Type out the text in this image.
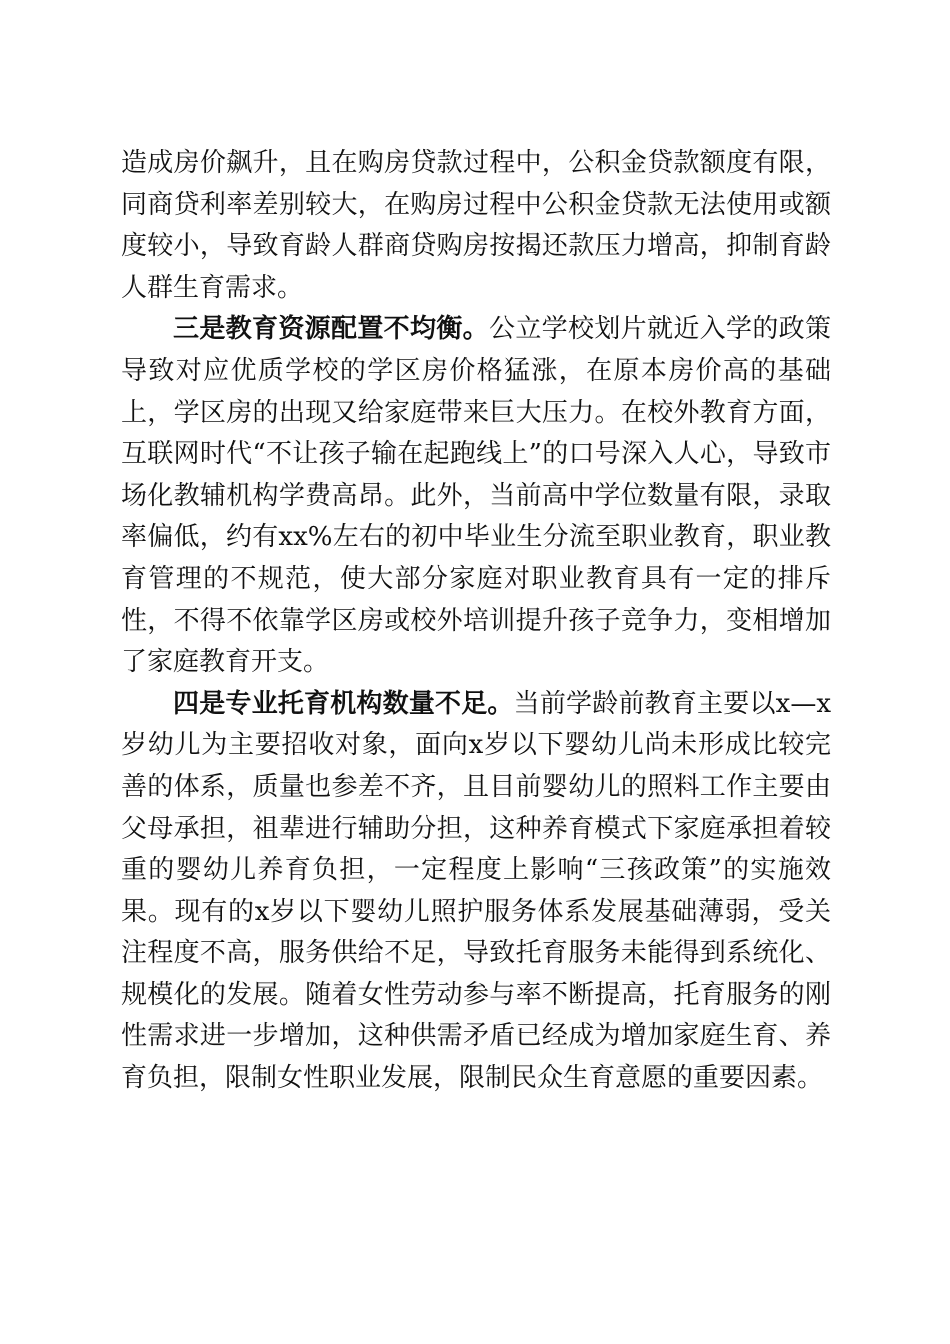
造成房价飙升，且在购房贷款过程中，公积金贷款额度有限，同商贷利率差别较大，在购房过程中公积金贷款无法使用或额度较小，导致育龄人群商贷购房按揭还款压力增高，抑制育龄人群生育需求。

三是教育资源配置不均衡。公立学校划片就近入学的政策导致对应优质学校的学区房价格猛涨，在原本房价高的基础上，学区房的出现又给家庭带来巨大压力。在校外教育方面，互联网时代“不让孩子输在起跑线上”的口号深入人心，导致市场化教辅机构学费高昂。此外，当前高中学位数量有限，录取率偏低，约有xx%左右的初中毕业生分流至职业教育，职业教育管理的不规范，使大部分家庭对职业教育具有一定的排斥性，不得不依靠学区房或校外培训提升孩子竞争力，变相增加了家庭教育开支。

四是专业托育机构数量不足。当前学龄前教育主要以x—x岁幼儿为主要招收对象，面向x岁以下婴幼儿尚未形成比较完善的体系，质量也参差不齐，且目前婴幼儿的照料工作主要由父母承担，祖辈进行辅助分担，这种养育模式下家庭承担着较重的婴幼儿养育负担，一定程度上影响“三孩政策”的实施效果。现有的x岁以下婴幼儿照护服务体系发展基础薄弱，受关注程度不高，服务供给不足，导致托育服务未能得到系统化、规模化的发展。随着女性劳动参与率不断提高，托育服务的刚性需求进一步增加，这种供需矛盾已经成为增加家庭生育、养育负担，限制女性职业发展，限制民众生育意愿的重要因素。
